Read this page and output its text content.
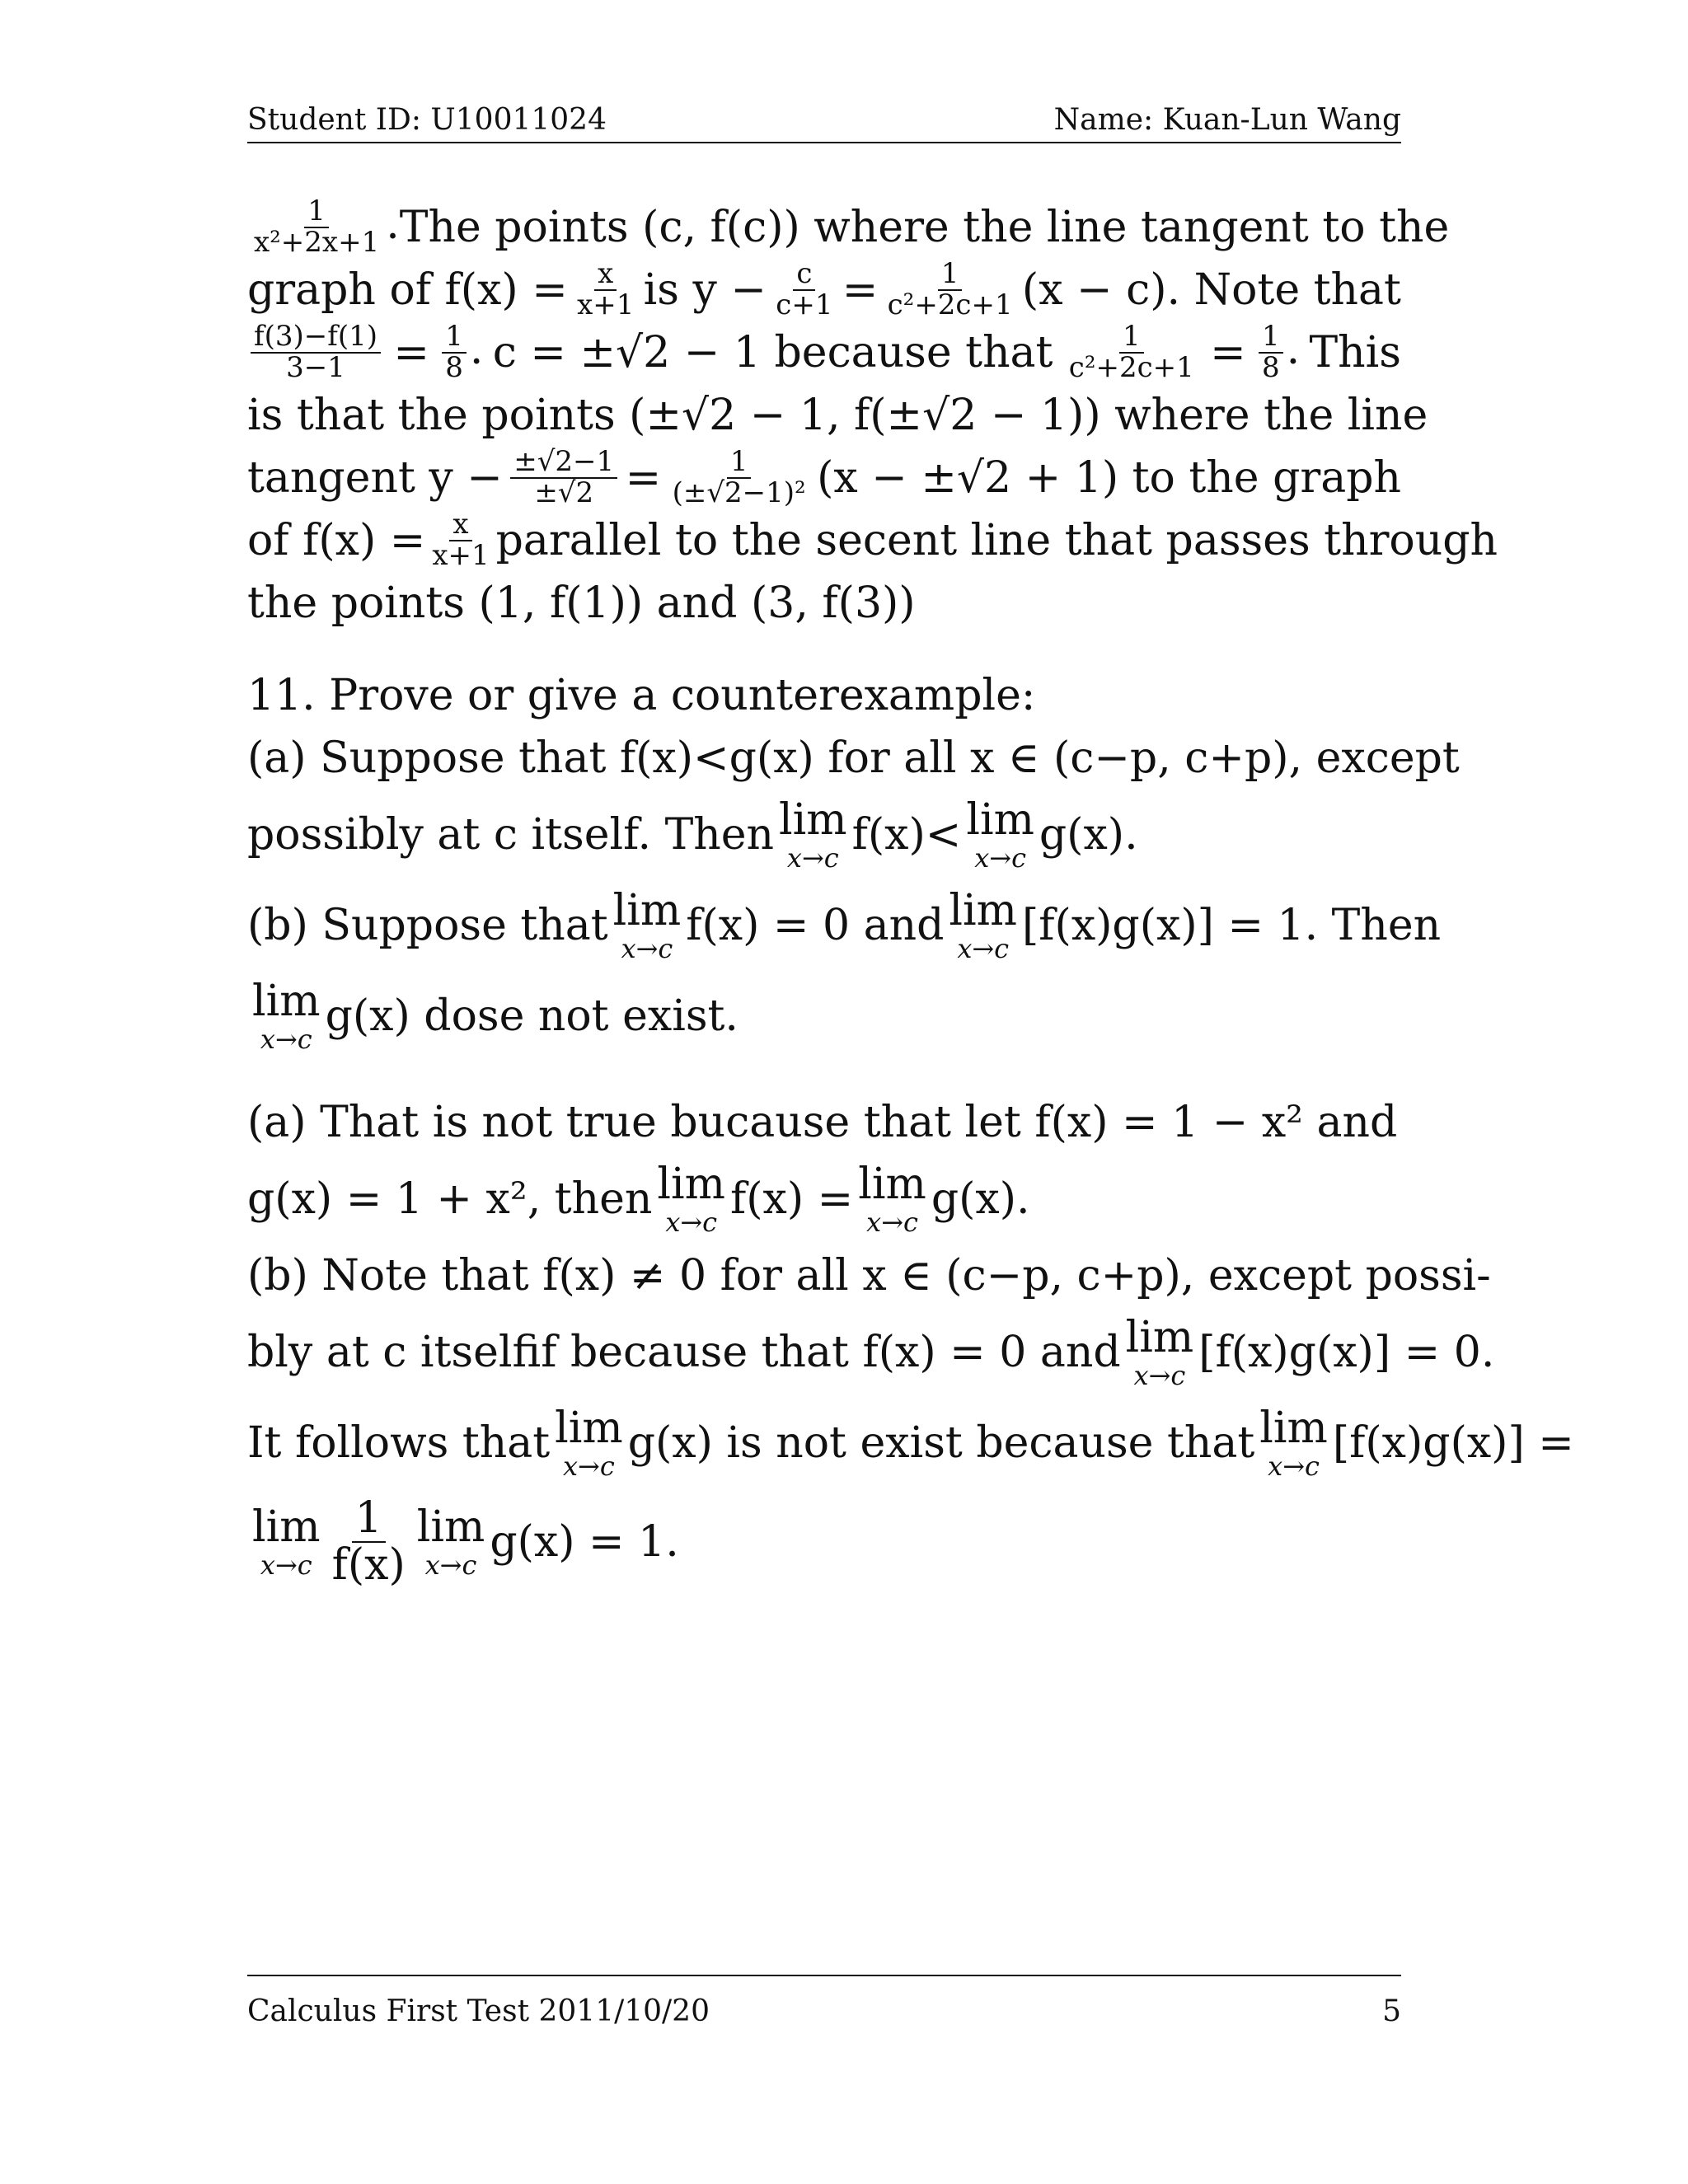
Student ID: U10011024	Name: Kuan-Lun Wang
$\frac{1}{\text{x²+2x+1}}$ . The points (c, f(c)) where the line tangent to the
graph of $f(x) = \frac{x}{x+1}$ is $y - \frac{c}{c+1} = \frac{1}{\text{c²+2c+1}} (x - c)$. Note that
$\frac{f(3)-f(1)}{3-1} = \frac{1}{8}$ . c = ±√2 − 1 because that $\frac{1}{\text{c²+2c+1}} = \frac{1}{8}$ . This
is that the points (±√2 − 1, f(±√2 − 1)) where the line
tangent $y - \frac{\pm√2-1}{\pm√2} = \frac{1}{\text{(±√2−1)²}} (x - \pm√2 + 1)$ to the graph
of $f(x) = \frac{x}{x+1}$ parallel to the secent line that passes through
the points (1, f(1)) and (3, f(3))
11. Prove or give a counterexample:
(a) Suppose that f(x)<g(x) for all x ∈ (c−p, c+p), except
possibly at c itself. Then lim
x→c f(x)< lim
x→c g(x).
(b) Suppose that lim
x→c f(x) = 0 and lim
x→c [f(x)g(x)] = 1. Then
lim
x→c g(x) dose not exist.
(a) That is not true bucause that let f(x) = 1 − x² and
g(x) = 1 + x², then lim
x→c f(x) = lim
x→c g(x).
(b) Note that f(x) ≠ 0 for all x ∈ (c−p, c+p), except possi-
bly at c itselfif because that f(x) = 0 and lim
x→c [f(x)g(x)] = 0.
It follows that lim
x→c g(x) is not exist because that lim
x→c [f(x)g(x)] =
lim
$x\to c \frac{1}{f(x)}$ lim
x→c g(x) = 1.
Calculus First Test 2011/10/20	5
